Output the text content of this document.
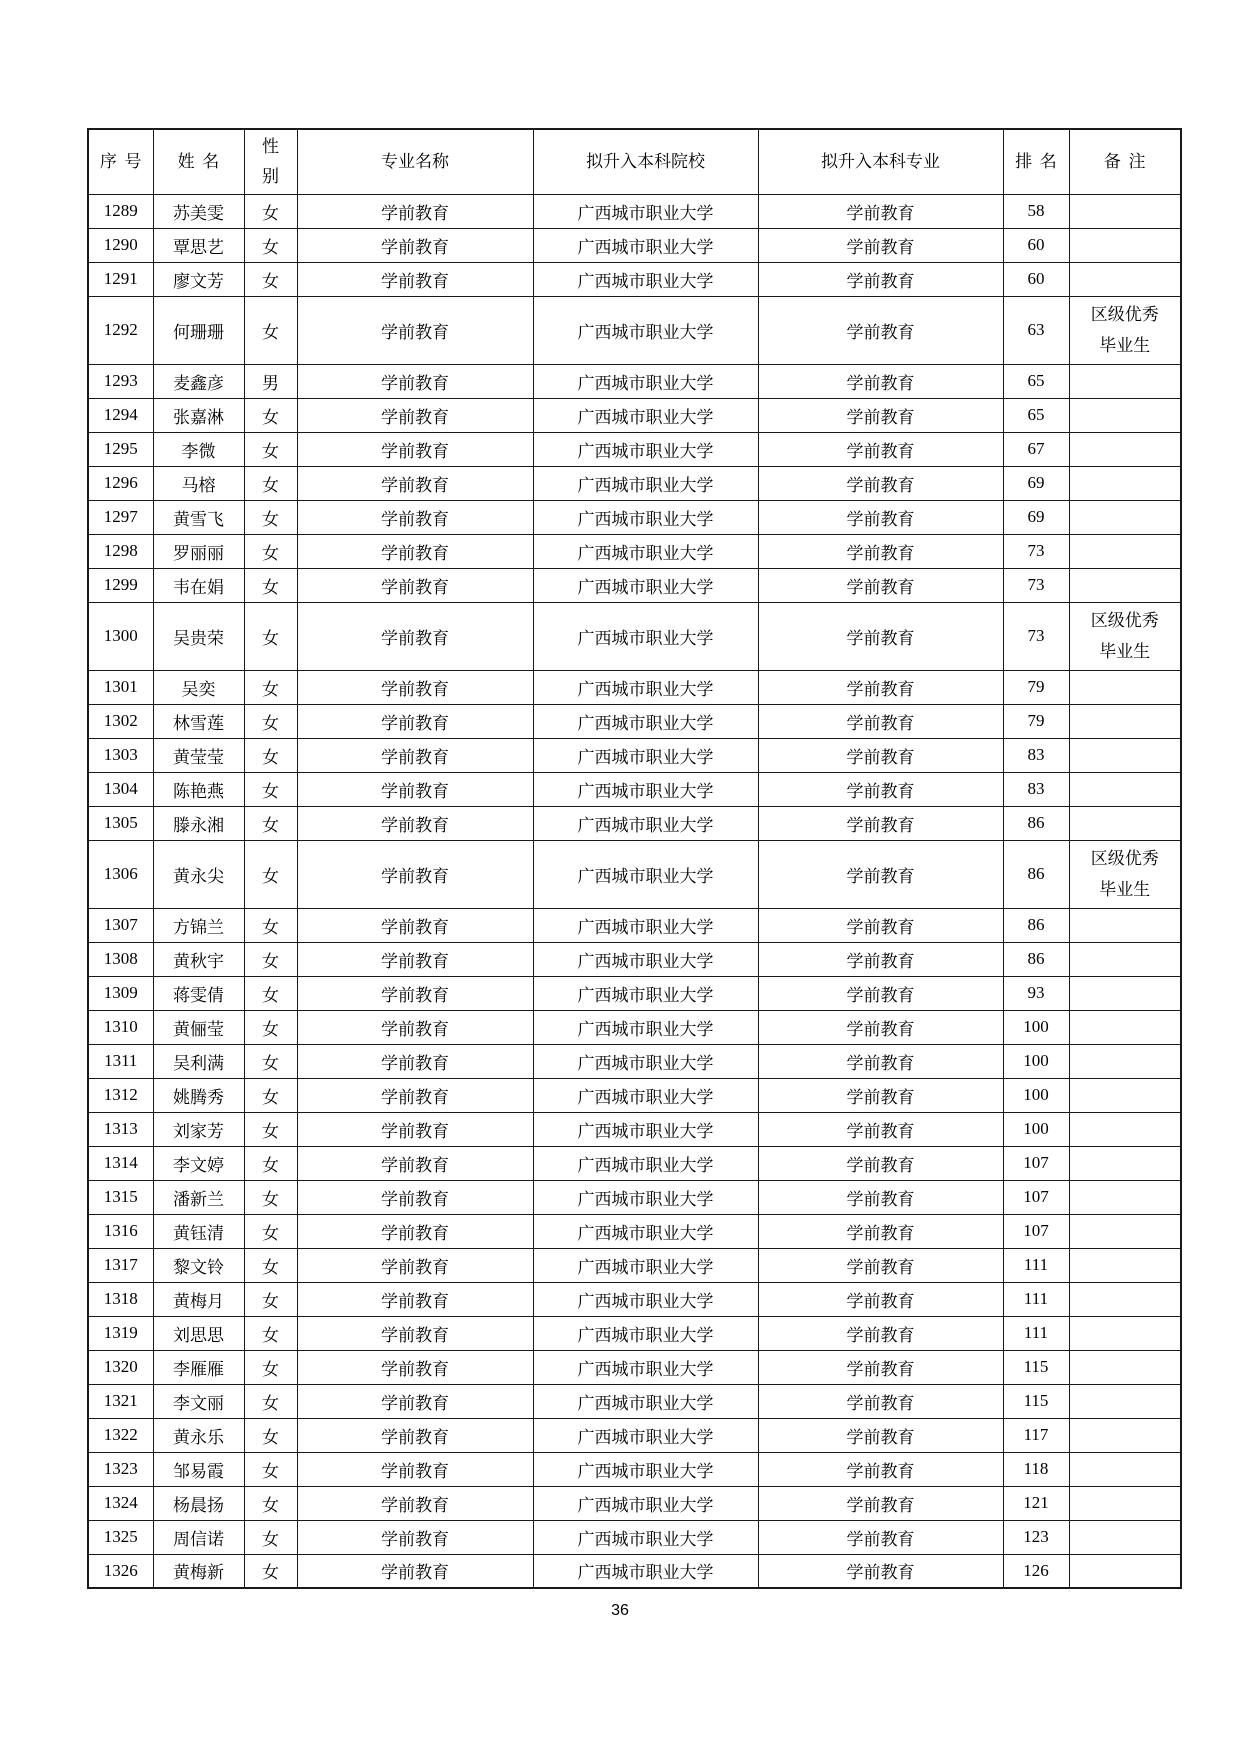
序号	姓名	性别	专业名称	拟升入本科院校	拟升入本科专业	排名	备注
1289	苏美雯	女	学前教育	广西城市职业大学	学前教育	58	
1290	覃思艺	女	学前教育	广西城市职业大学	学前教育	60	
1291	廖文芳	女	学前教育	广西城市职业大学	学前教育	60	
1292	何珊珊	女	学前教育	广西城市职业大学	学前教育	63	区级优秀毕业生
1293	麦鑫彦	男	学前教育	广西城市职业大学	学前教育	65	
1294	张嘉淋	女	学前教育	广西城市职业大学	学前教育	65	
1295	李微	女	学前教育	广西城市职业大学	学前教育	67	
1296	马榕	女	学前教育	广西城市职业大学	学前教育	69	
1297	黄雪飞	女	学前教育	广西城市职业大学	学前教育	69	
1298	罗丽丽	女	学前教育	广西城市职业大学	学前教育	73	
1299	韦在娟	女	学前教育	广西城市职业大学	学前教育	73	
1300	吴贵荣	女	学前教育	广西城市职业大学	学前教育	73	区级优秀毕业生
1301	吴奕	女	学前教育	广西城市职业大学	学前教育	79	
1302	林雪莲	女	学前教育	广西城市职业大学	学前教育	79	
1303	黄莹莹	女	学前教育	广西城市职业大学	学前教育	83	
1304	陈艳燕	女	学前教育	广西城市职业大学	学前教育	83	
1305	滕永湘	女	学前教育	广西城市职业大学	学前教育	86	
1306	黄永尖	女	学前教育	广西城市职业大学	学前教育	86	区级优秀毕业生
1307	方锦兰	女	学前教育	广西城市职业大学	学前教育	86	
1308	黄秋宇	女	学前教育	广西城市职业大学	学前教育	86	
1309	蒋雯倩	女	学前教育	广西城市职业大学	学前教育	93	
1310	黄俪莹	女	学前教育	广西城市职业大学	学前教育	100	
1311	吴利满	女	学前教育	广西城市职业大学	学前教育	100	
1312	姚腾秀	女	学前教育	广西城市职业大学	学前教育	100	
1313	刘家芳	女	学前教育	广西城市职业大学	学前教育	100	
1314	李文婷	女	学前教育	广西城市职业大学	学前教育	107	
1315	潘新兰	女	学前教育	广西城市职业大学	学前教育	107	
1316	黄钰清	女	学前教育	广西城市职业大学	学前教育	107	
1317	黎文铃	女	学前教育	广西城市职业大学	学前教育	111	
1318	黄梅月	女	学前教育	广西城市职业大学	学前教育	111	
1319	刘思思	女	学前教育	广西城市职业大学	学前教育	111	
1320	李雁雁	女	学前教育	广西城市职业大学	学前教育	115	
1321	李文丽	女	学前教育	广西城市职业大学	学前教育	115	
1322	黄永乐	女	学前教育	广西城市职业大学	学前教育	117	
1323	邹易霞	女	学前教育	广西城市职业大学	学前教育	118	
1324	杨晨扬	女	学前教育	广西城市职业大学	学前教育	121	
1325	周信诺	女	学前教育	广西城市职业大学	学前教育	123	
1326	黄梅新	女	学前教育	广西城市职业大学	学前教育	126	
36
